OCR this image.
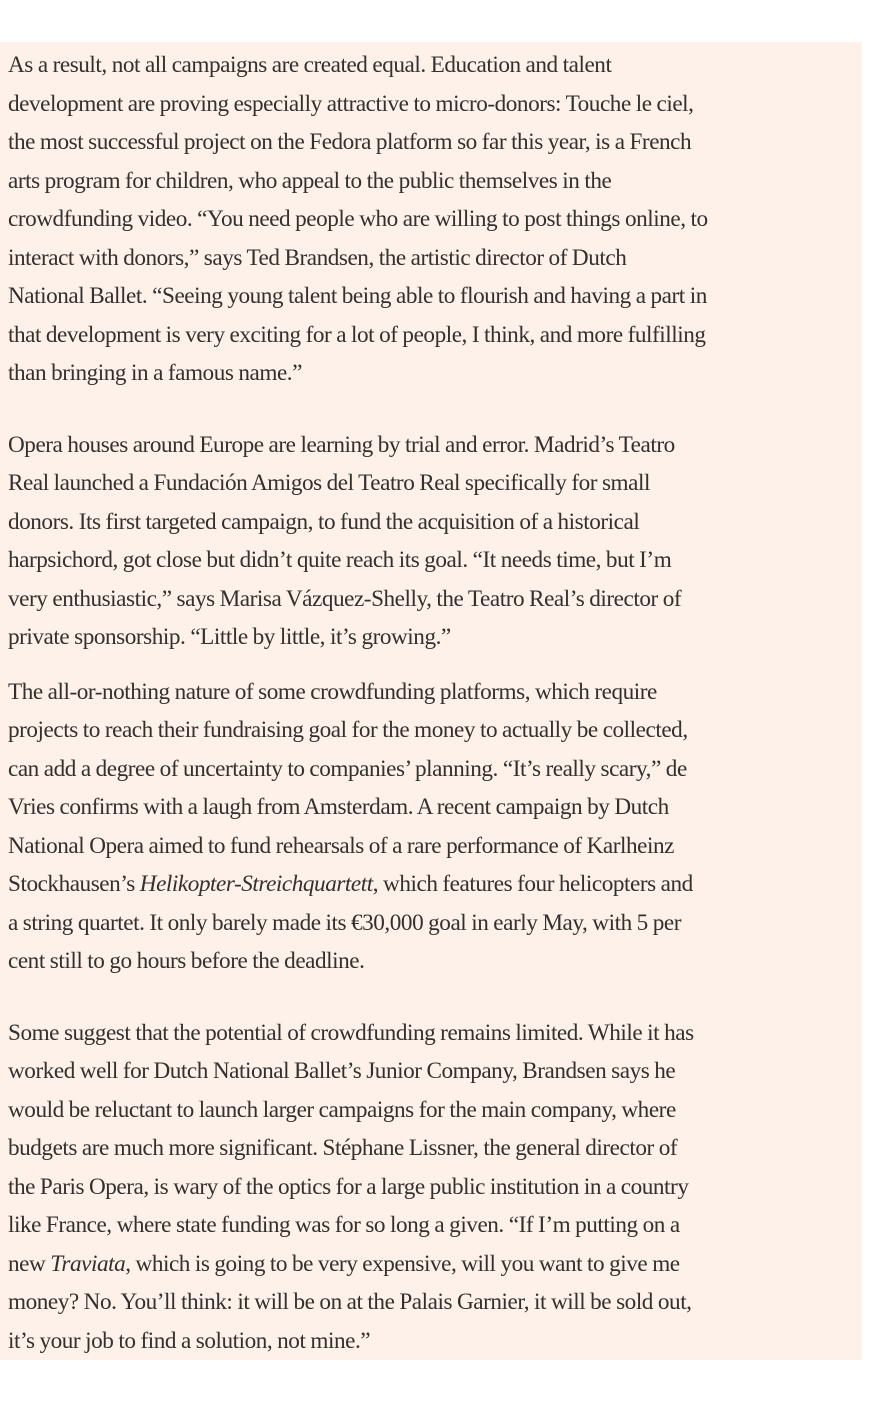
As a result, not all campaigns are created equal. Education and talent
development are proving especially attractive to micro-donors: Touche le ciel,
the most successful project on the Fedora platform so far this year, is a French
arts program for children, who appeal to the public themselves in the
crowdfunding video. “You need people who are willing to post things online, to
interact with donors,” says Ted Brandsen, the artistic director of Dutch
National Ballet. “Seeing young talent being able to flourish and having a part in
that development is very exciting for a lot of people, I think, and more fulfilling
than bringing in a famous name.”

Opera houses around Europe are learning by trial and error. Madrid’s Teatro
Real launched a Fundación Amigos del Teatro Real specifically for small
donors. Its first targeted campaign, to fund the acquisition of a historical
harpsichord, got close but didn’t quite reach its goal. “It needs time, but I’m
very enthusiastic,” says Marisa Vázquez-Shelly, the Teatro Real’s director of
private sponsorship. “Little by little, it’s growing.”

The all-or-nothing nature of some crowdfunding platforms, which require
projects to reach their fundraising goal for the money to actually be collected,
can add a degree of uncertainty to companies’ planning. “It’s really scary,” de
Vries confirms with a laugh from Amsterdam. A recent campaign by Dutch
National Opera aimed to fund rehearsals of a rare performance of Karlheinz
Stockhausen’s Helikopter-Streichquartett, which features four helicopters and
a string quartet. It only barely made its €30,000 goal in early May, with 5 per
cent still to go hours before the deadline.

Some suggest that the potential of crowdfunding remains limited. While it has
worked well for Dutch National Ballet’s Junior Company, Brandsen says he
would be reluctant to launch larger campaigns for the main company, where
budgets are much more significant. Stéphane Lissner, the general director of
the Paris Opera, is wary of the optics for a large public institution in a country
like France, where state funding was for so long a given. “If I’m putting on a
new Traviata, which is going to be very expensive, will you want to give me
money? No. You’ll think: it will be on at the Palais Garnier, it will be sold out,
it’s your job to find a solution, not mine.”
